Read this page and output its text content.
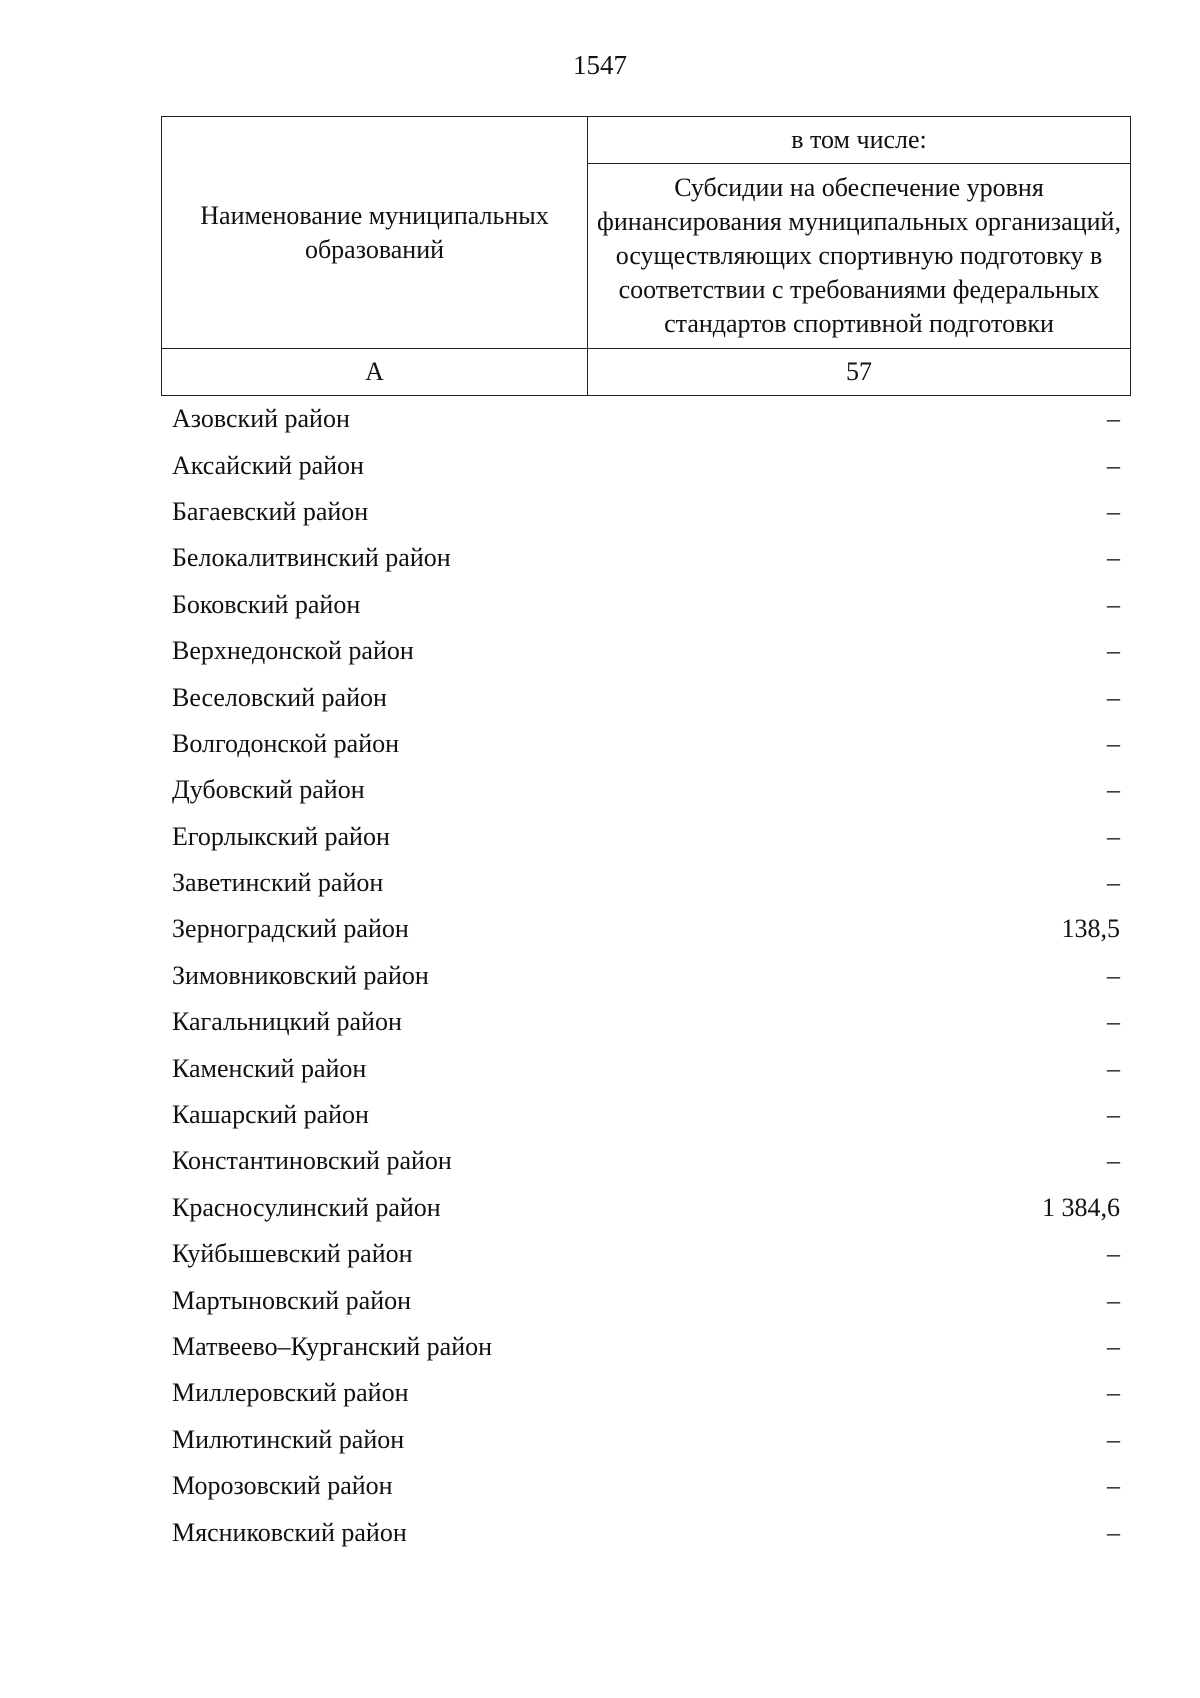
1547
Наименование муниципальных образований	в том числе:
	Субсидии на обеспечение уровня финансирования муниципальных организаций, осуществляющих спортивную подготовку в соответствии с требованиями федеральных стандартов спортивной подготовки
А	57
Азовский район	–
Аксайский район	–
Багаевский район	–
Белокалитвинский район	–
Боковский район	–
Верхнедонской район	–
Веселовский район	–
Волгодонской район	–
Дубовский район	–
Егорлыкский район	–
Заветинский район	–
Зерноградский район	138,5
Зимовниковский район	–
Кагальницкий район	–
Каменский район	–
Кашарский район	–
Константиновский район	–
Красносулинский район	1 384,6
Куйбышевский район	–
Мартыновский район	–
Матвеево–Курганский район	–
Миллеровский район	–
Милютинский район	–
Морозовский район	–
Мясниковский район	–
